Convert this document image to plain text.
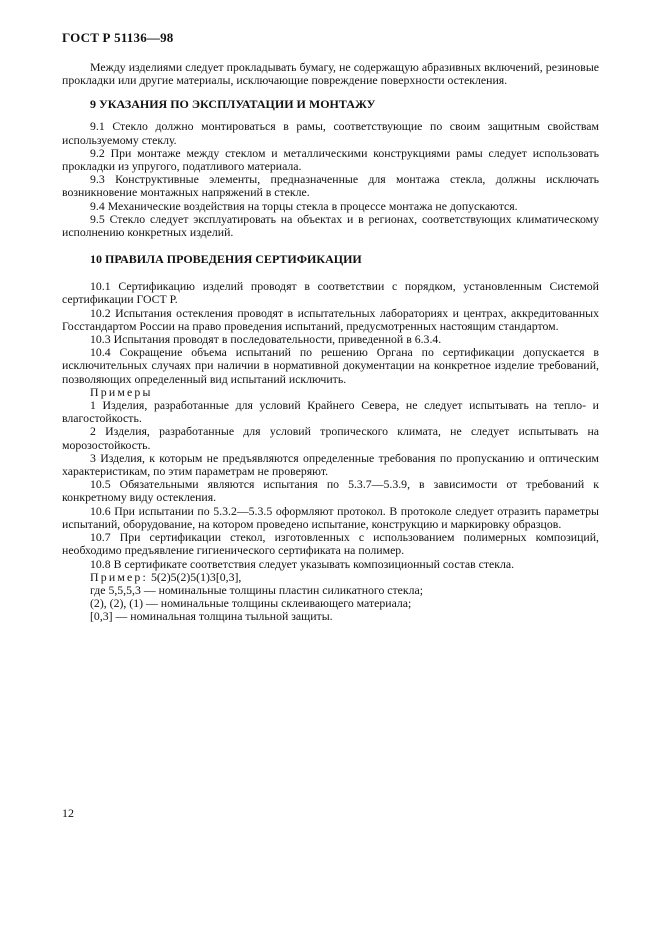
ГОСТ Р 51136—98

Между изделиями следует прокладывать бумагу, не содержащую абразивных включений, резиновые прокладки или другие материалы, исключающие повреждение поверхности остекления.

9 УКАЗАНИЯ ПО ЭКСПЛУАТАЦИИ И МОНТАЖУ

9.1 Стекло должно монтироваться в рамы, соответствующие по своим защитным свойствам используемому стеклу.

9.2 При монтаже между стеклом и металлическими конструкциями рамы следует использовать прокладки из упругого, податливого материала.

9.3 Конструктивные элементы, предназначенные для монтажа стекла, должны исключать возникновение монтажных напряжений в стекле.

9.4 Механические воздействия на торцы стекла в процессе монтажа не допускаются.

9.5 Стекло следует эксплуатировать на объектах и в регионах, соответствующих климатическому исполнению конкретных изделий.

10 ПРАВИЛА ПРОВЕДЕНИЯ СЕРТИФИКАЦИИ

10.1 Сертификацию изделий проводят в соответствии с порядком, установленным Системой сертификации ГОСТ Р.

10.2 Испытания остекления проводят в испытательных лабораториях и центрах, аккредитованных Госстандартом России на право проведения испытаний, предусмотренных настоящим стандартом.

10.3 Испытания проводят в последовательности, приведенной в 6.3.4.

10.4 Сокращение объема испытаний по решению Органа по сертификации допускается в исключительных случаях при наличии в нормативной документации на конкретное изделие требований, позволяющих определенный вид испытаний исключить.

Примеры

1 Изделия, разработанные для условий Крайнего Севера, не следует испытывать на тепло- и влагостойкость.

2 Изделия, разработанные для условий тропического климата, не следует испытывать на морозостойкость.

3 Изделия, к которым не предъявляются определенные требования по пропусканию и оптическим характеристикам, по этим параметрам не проверяют.

10.5 Обязательными являются испытания по 5.3.7—5.3.9, в зависимости от требований к конкретному виду остекления.

10.6 При испытании по 5.3.2—5.3.5 оформляют протокол. В протоколе следует отразить параметры испытаний, оборудование, на котором проведено испытание, конструкцию и маркировку образцов.

10.7 При сертификации стекол, изготовленных с использованием полимерных композиций, необходимо предъявление гигиенического сертификата на полимер.

10.8 В сертификате соответствия следует указывать композиционный состав стекла.

Пример: 5(2)5(2)5(1)3[0,3],

где 5,5,5,3 — номинальные толщины пластин силикатного стекла;

(2), (2), (1) — номинальные толщины склеивающего материала;

[0,3] — номинальная толщина тыльной защиты.

12
